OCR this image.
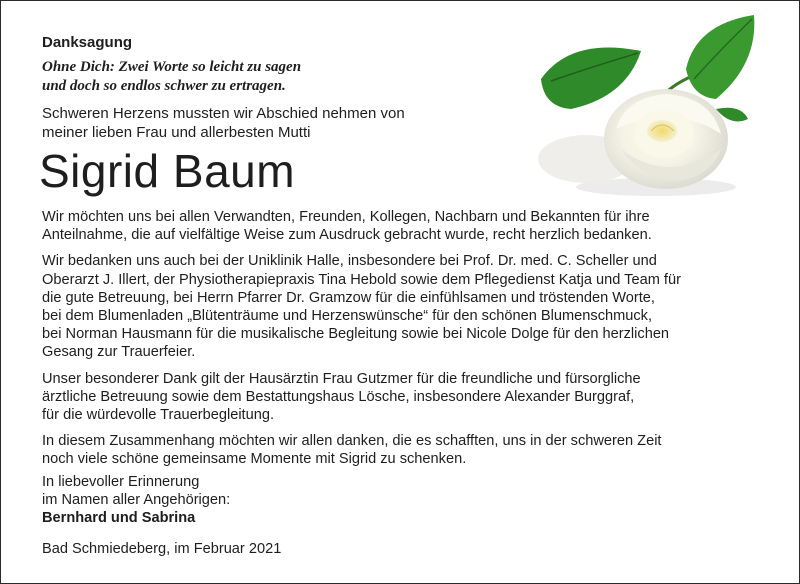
Danksagung
Ohne Dich: Zwei Worte so leicht zu sagen
und doch so endlos schwer zu ertragen.
Schweren Herzens mussten wir Abschied nehmen von
meiner lieben Frau und allerbesten Mutti
Sigrid Baum

Wir möchten uns bei allen Verwandten, Freunden, Kollegen, Nachbarn und Bekannten für ihre
Anteilnahme, die auf vielfältige Weise zum Ausdruck gebracht wurde, recht herzlich bedanken.

Wir bedanken uns auch bei der Uniklinik Halle, insbesondere bei Prof. Dr. med. C. Scheller und
Oberarzt J. Illert, der Physiotherapiepraxis Tina Hebold sowie dem Pflegedienst Katja und Team für
die gute Betreuung, bei Herrn Pfarrer Dr. Gramzow für die einfühlsamen und tröstenden Worte,
bei dem Blumenladen „Blütenträume und Herzenswünsche“ für den schönen Blumenschmuck,
bei Norman Hausmann für die musikalische Begleitung sowie bei Nicole Dolge für den herzlichen
Gesang zur Trauerfeier.

Unser besonderer Dank gilt der Hausärztin Frau Gutzmer für die freundliche und fürsorgliche
ärztliche Betreuung sowie dem Bestattungshaus Lösche, insbesondere Alexander Burggraf,
für die würdevolle Trauerbegleitung.

In diesem Zusammenhang möchten wir allen danken, die es schafften, uns in der schweren Zeit
noch viele schöne gemeinsame Momente mit Sigrid zu schenken.

In liebevoller Erinnerung
im Namen aller Angehörigen:
Bernhard und Sabrina
Bad Schmiedeberg, im Februar 2021
